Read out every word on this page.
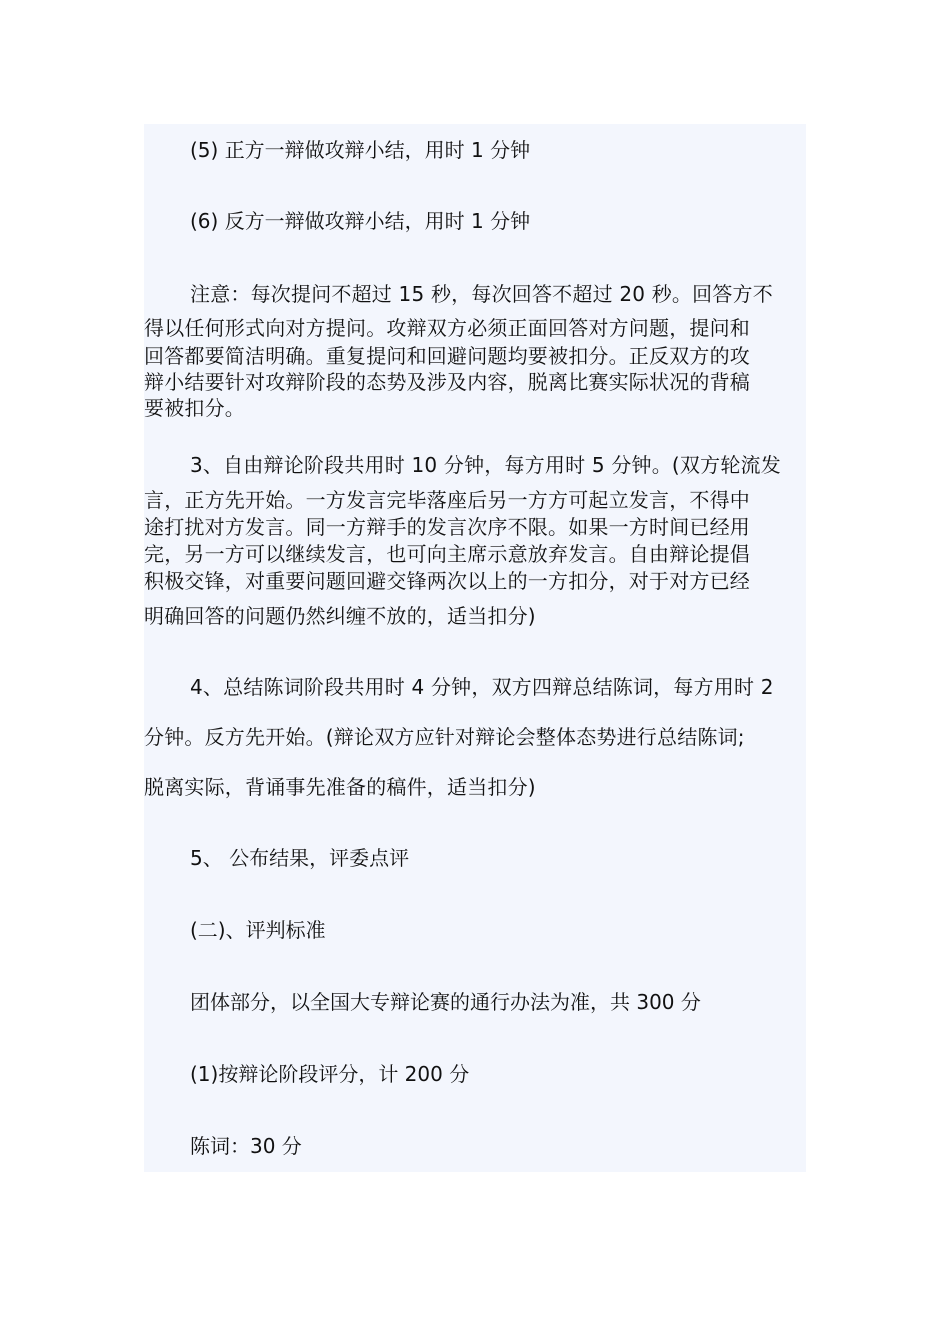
(5) 正方一辩做攻辩小结，用时 1 分钟

(6) 反方一辩做攻辩小结，用时 1 分钟

注意：每次提问不超过 15 秒，每次回答不超过 20 秒。回答方不
得以任何形式向对方提问。攻辩双方必须正面回答对方问题，提问和
回答都要简洁明确。重复提问和回避问题均要被扣分。正反双方的攻
辩小结要针对攻辩阶段的态势及涉及内容，脱离比赛实际状况的背稿
要被扣分。
3、自由辩论阶段共用时 10 分钟，每方用时 5 分钟。(双方轮流发
言，正方先开始。一方发言完毕落座后另一方方可起立发言，不得中
途打扰对方发言。同一方辩手的发言次序不限。如果一方时间已经用
完，另一方可以继续发言，也可向主席示意放弃发言。自由辩论提倡
积极交锋，对重要问题回避交锋两次以上的一方扣分，对于对方已经
明确回答的问题仍然纠缠不放的，适当扣分)
4、总结陈词阶段共用时 4 分钟，双方四辩总结陈词，每方用时 2
分钟。反方先开始。(辩论双方应针对辩论会整体态势进行总结陈词;
脱离实际，背诵事先准备的稿件，适当扣分)

5、 公布结果，评委点评

(二)、评判标准

团体部分，以全国大专辩论赛的通行办法为准，共 300 分

(1)按辩论阶段评分，计 200 分

陈词：30 分
